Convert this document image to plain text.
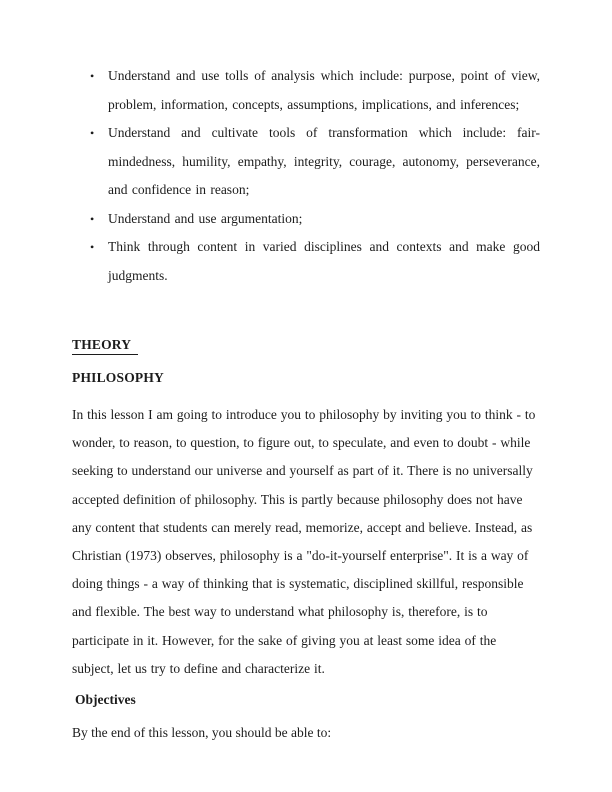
•	Understand and use tolls of analysis which include: purpose, point of view, problem, information, concepts, assumptions, implications, and inferences;
•	Understand and cultivate tools of transformation which include: fair-mindedness, humility, empathy, integrity, courage, autonomy, perseverance, and confidence in reason;
•	Understand and use argumentation;
•	Think through content in varied disciplines and contexts and make good judgments.
THEORY
PHILOSOPHY

In this lesson I am going to introduce you to philosophy by inviting you to think - to wonder, to reason, to question, to figure out, to speculate, and even to doubt - while seeking to understand our universe and yourself as part of it. There is no universally accepted definition of philosophy. This is partly because philosophy does not have any content that students can merely read, memorize, accept and believe. Instead, as Christian (1973) observes, philosophy is a "do-it-yourself enterprise". It is a way of doing things - a way of thinking that is systematic, disciplined skillful, responsible and flexible. The best way to understand what philosophy is, therefore, is to participate in it. However, for the sake of giving you at least some idea of the subject, let us try to define and characterize it.

Objectives

By the end of this lesson, you should be able to:
